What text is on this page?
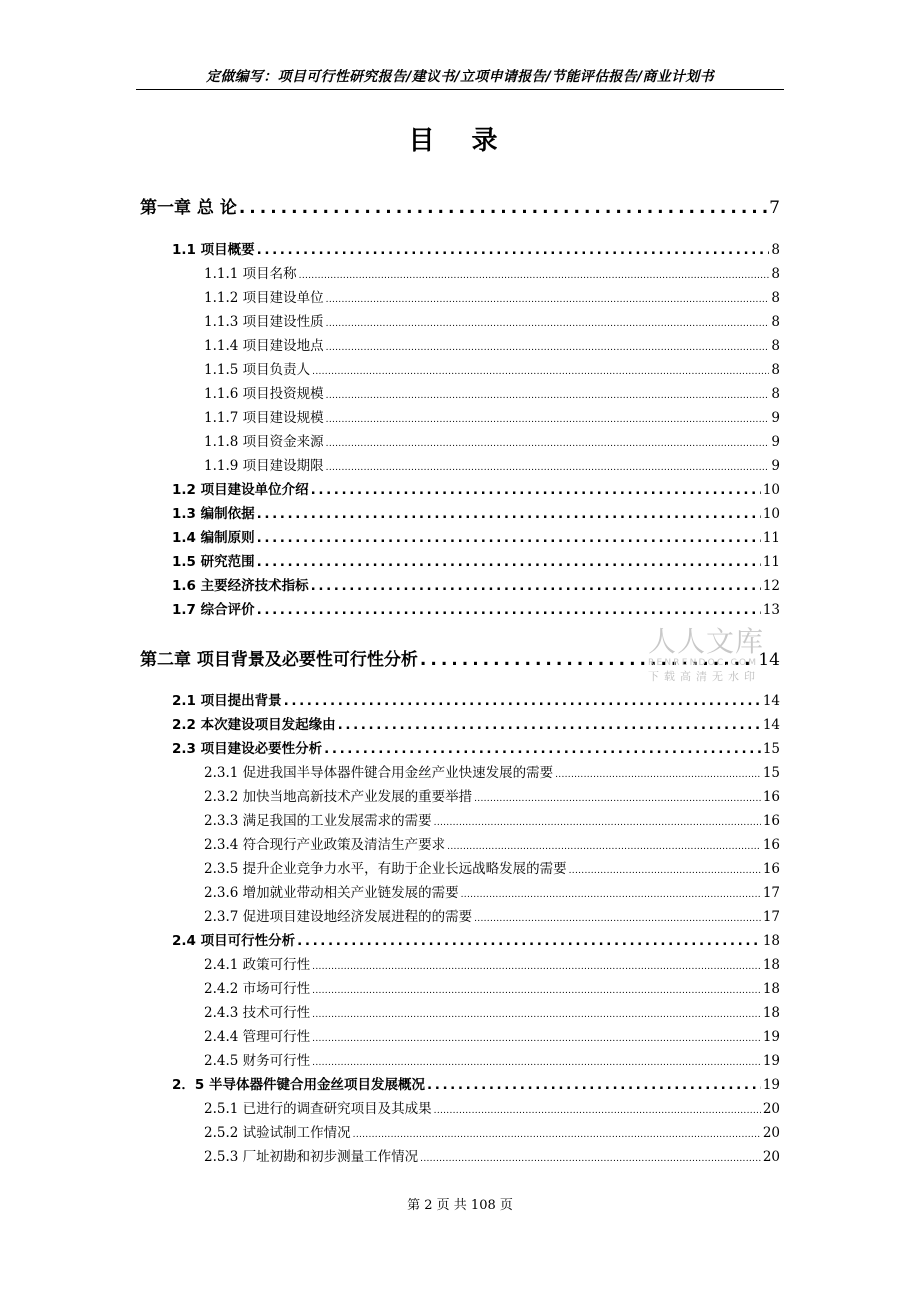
定做编写：项目可行性研究报告/建议书/立项申请报告/节能评估报告/商业计划书
目 录
第一章 总 论 .....	7
1.1 项目概要 .....	8
1.1.1 项目名称 .....	8
1.1.2 项目建设单位 .....	8
1.1.3 项目建设性质 .....	8
1.1.4 项目建设地点 .....	8
1.1.5 项目负责人 .....	8
1.1.6 项目投资规模 .....	8
1.1.7 项目建设规模 .....	9
1.1.8 项目资金来源 .....	9
1.1.9 项目建设期限 .....	9
1.2 项目建设单位介绍 .....	10
1.3 编制依据 .....	10
1.4 编制原则 .....	11
1.5 研究范围 .....	11
1.6 主要经济技术指标 .....	12
1.7 综合评价 .....	13
第二章 项目背景及必要性可行性分析 .....	14
2.1 项目提出背景 .....	14
2.2 本次建设项目发起缘由 .....	14
2.3 项目建设必要性分析 .....	15
2.3.1 促进我国半导体器件键合用金丝产业快速发展的需要 .....	15
2.3.2 加快当地高新技术产业发展的重要举措 .....	16
2.3.3 满足我国的工业发展需求的需要 .....	16
2.3.4 符合现行产业政策及清洁生产要求 .....	16
2.3.5 提升企业竞争力水平，有助于企业长远战略发展的需要 .....	16
2.3.6 增加就业带动相关产业链发展的需要 .....	17
2.3.7 促进项目建设地经济发展进程的的需要 .....	17
2.4 项目可行性分析 .....	18
2.4.1 政策可行性 .....	18
2.4.2 市场可行性 .....	18
2.4.3 技术可行性 .....	18
2.4.4 管理可行性 .....	19
2.4.5 财务可行性 .....	19
2．5 半导体器件键合用金丝项目发展概况 .....	19
2.5.1 已进行的调查研究项目及其成果 .....	20
2.5.2 试验试制工作情况 .....	20
2.5.3 厂址初勘和初步测量工作情况 .....	20
人人文库
RENRENDOC.COM
下载高清无水印
第 2 页 共 108 页
